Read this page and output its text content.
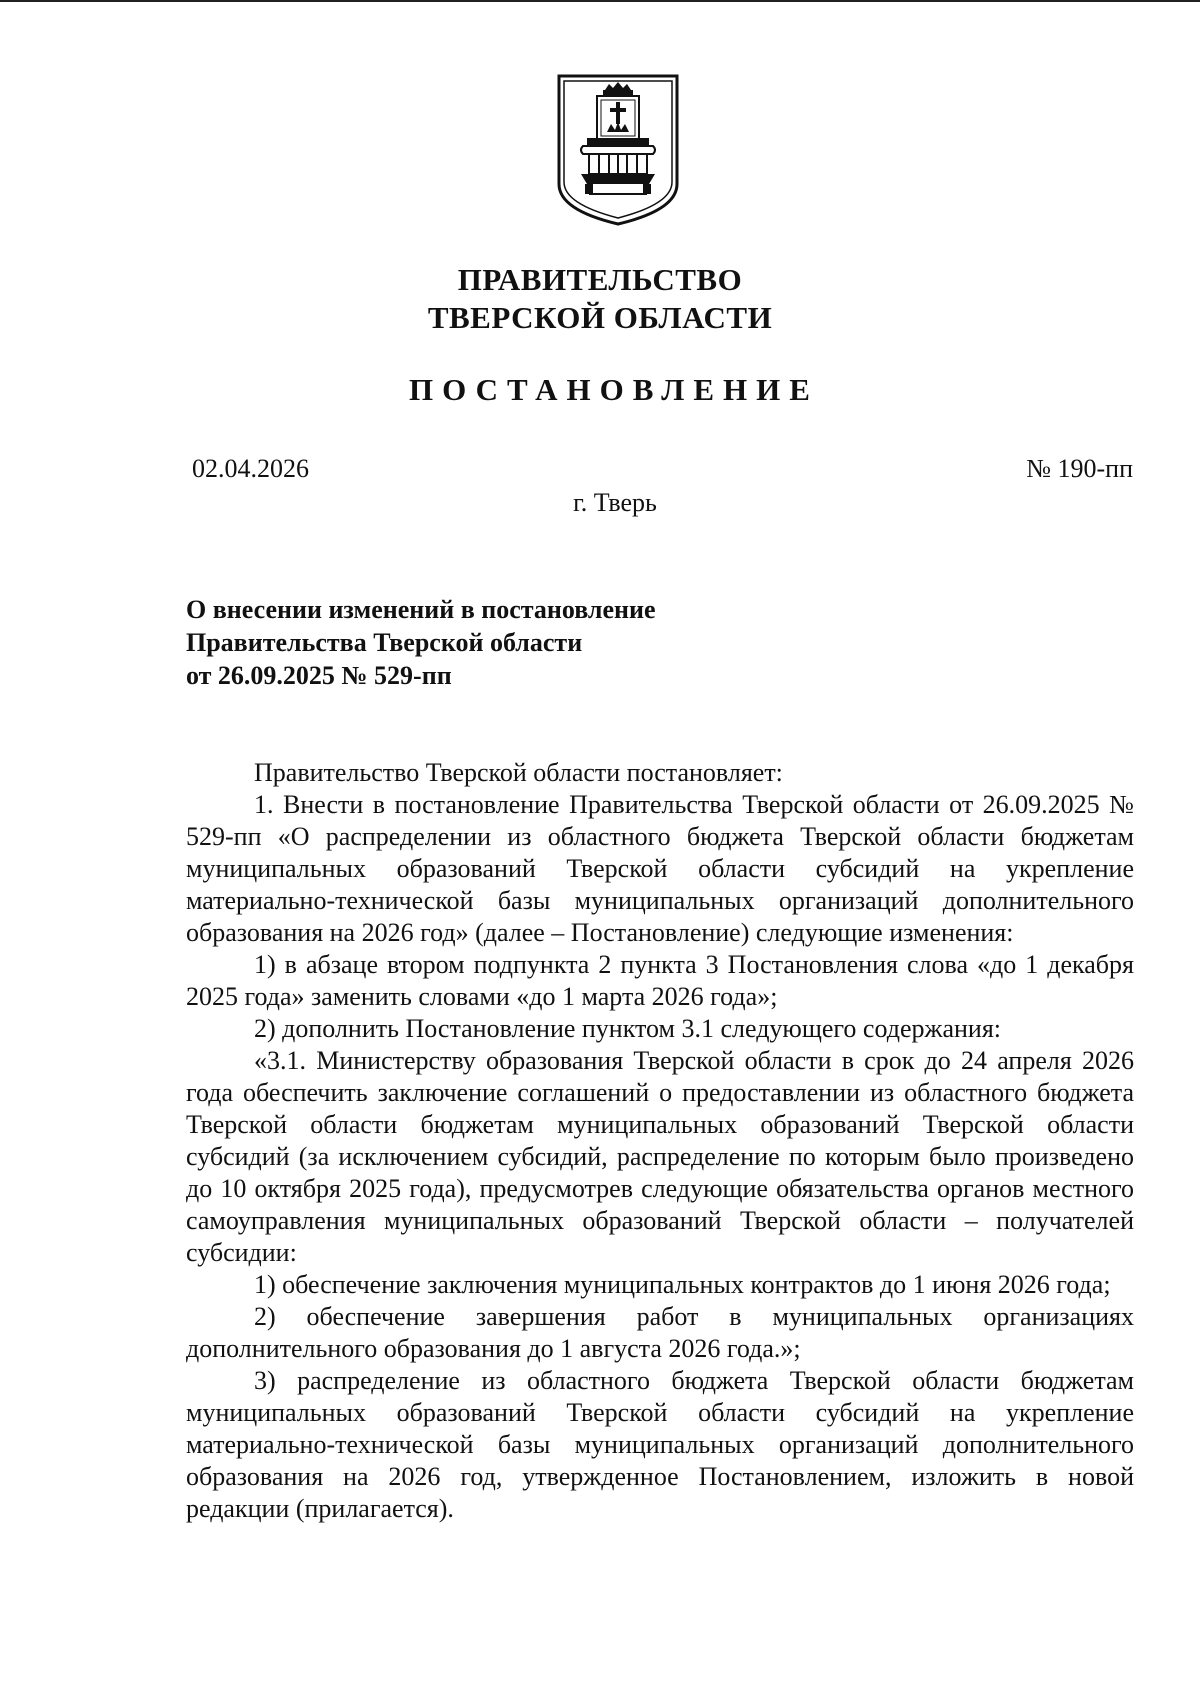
ПРАВИТЕЛЬСТВО
ТВЕРСКОЙ ОБЛАСТИ
ПОСТАНОВЛЕНИЕ
02.04.2026	№ 190-пп
г. Тверь
О внесении изменений в постановление
Правительства Тверской области
от 26.09.2025 № 529-пп

Правительство Тверской области постановляет:

1. Внести в постановление Правительства Тверской области от 26.09.2025 № 529-пп «О распределении из областного бюджета Тверской области бюджетам муниципальных образований Тверской области субсидий на укрепление материально-технической базы муниципальных организаций дополнительного образования на 2026 год» (далее – Постановление) следующие изменения:

1) в абзаце втором подпункта 2 пункта 3 Постановления слова «до 1 декабря 2025 года» заменить словами «до 1 марта 2026 года»;

2) дополнить Постановление пунктом 3.1 следующего содержания:

«3.1. Министерству образования Тверской области в срок до 24 апреля 2026 года обеспечить заключение соглашений о предоставлении из областного бюджета Тверской области бюджетам муниципальных образований Тверской области субсидий (за исключением субсидий, распределение по которым было произведено до 10 октября 2025 года), предусмотрев следующие обязательства органов местного самоуправления муниципальных образований Тверской области – получателей субсидии:

1) обеспечение заключения муниципальных контрактов до 1 июня 2026 года;

2) обеспечение завершения работ в муниципальных организациях дополнительного образования до 1 августа 2026 года.»;

3) распределение из областного бюджета Тверской области бюджетам муниципальных образований Тверской области субсидий на укрепление материально-технической базы муниципальных организаций дополнительного образования на 2026 год, утвержденное Постановлением, изложить в новой редакции (прилагается).
